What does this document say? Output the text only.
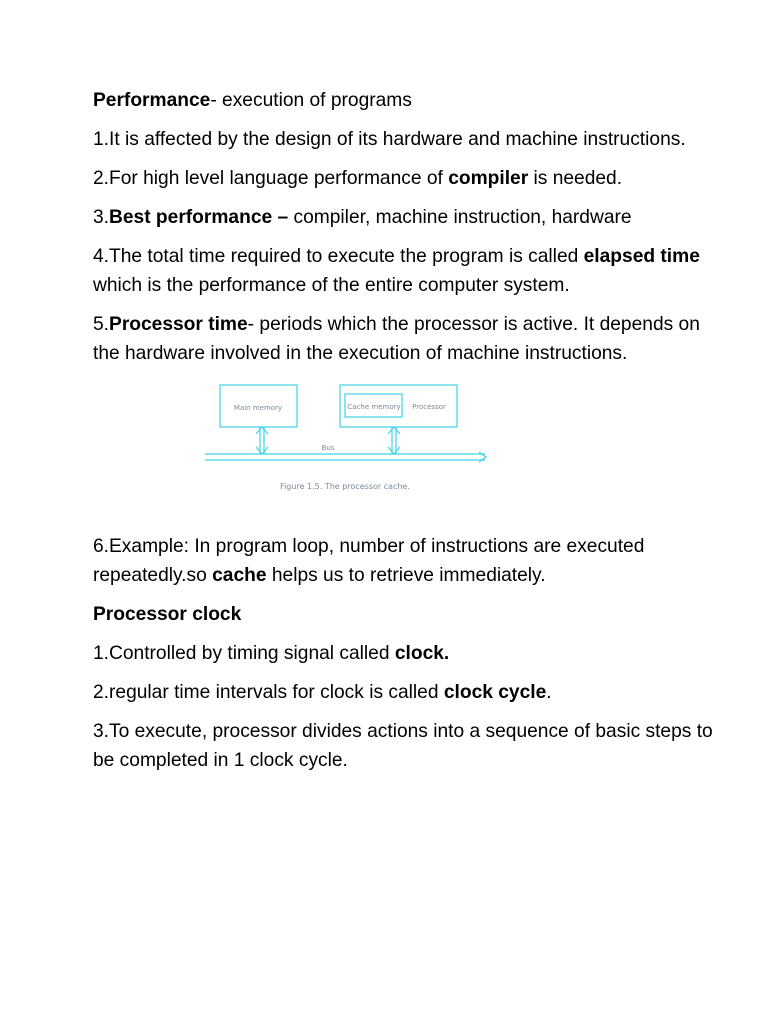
Performance- execution of programs

1.It is affected by the design of its hardware and machine instructions.

2.For high level language performance of compiler is needed.

3.Best performance – compiler, machine instruction, hardware

4.The total time required to execute the program is called elapsed time which is the performance of the entire computer system.

5.Processor time- periods which the processor is active. It depends on the hardware involved in the execution of machine instructions.

Main memory	Cache memory Processor
Bus
Figure 1.5. The processor cache.

6.Example: In program loop, number of instructions are executed repeatedly.so cache helps us to retrieve immediately.

Processor clock

1.Controlled by timing signal called clock.

2.regular time intervals for clock is called clock cycle.

3.To execute, processor divides actions into a sequence of basic steps to be completed in 1 clock cycle.
